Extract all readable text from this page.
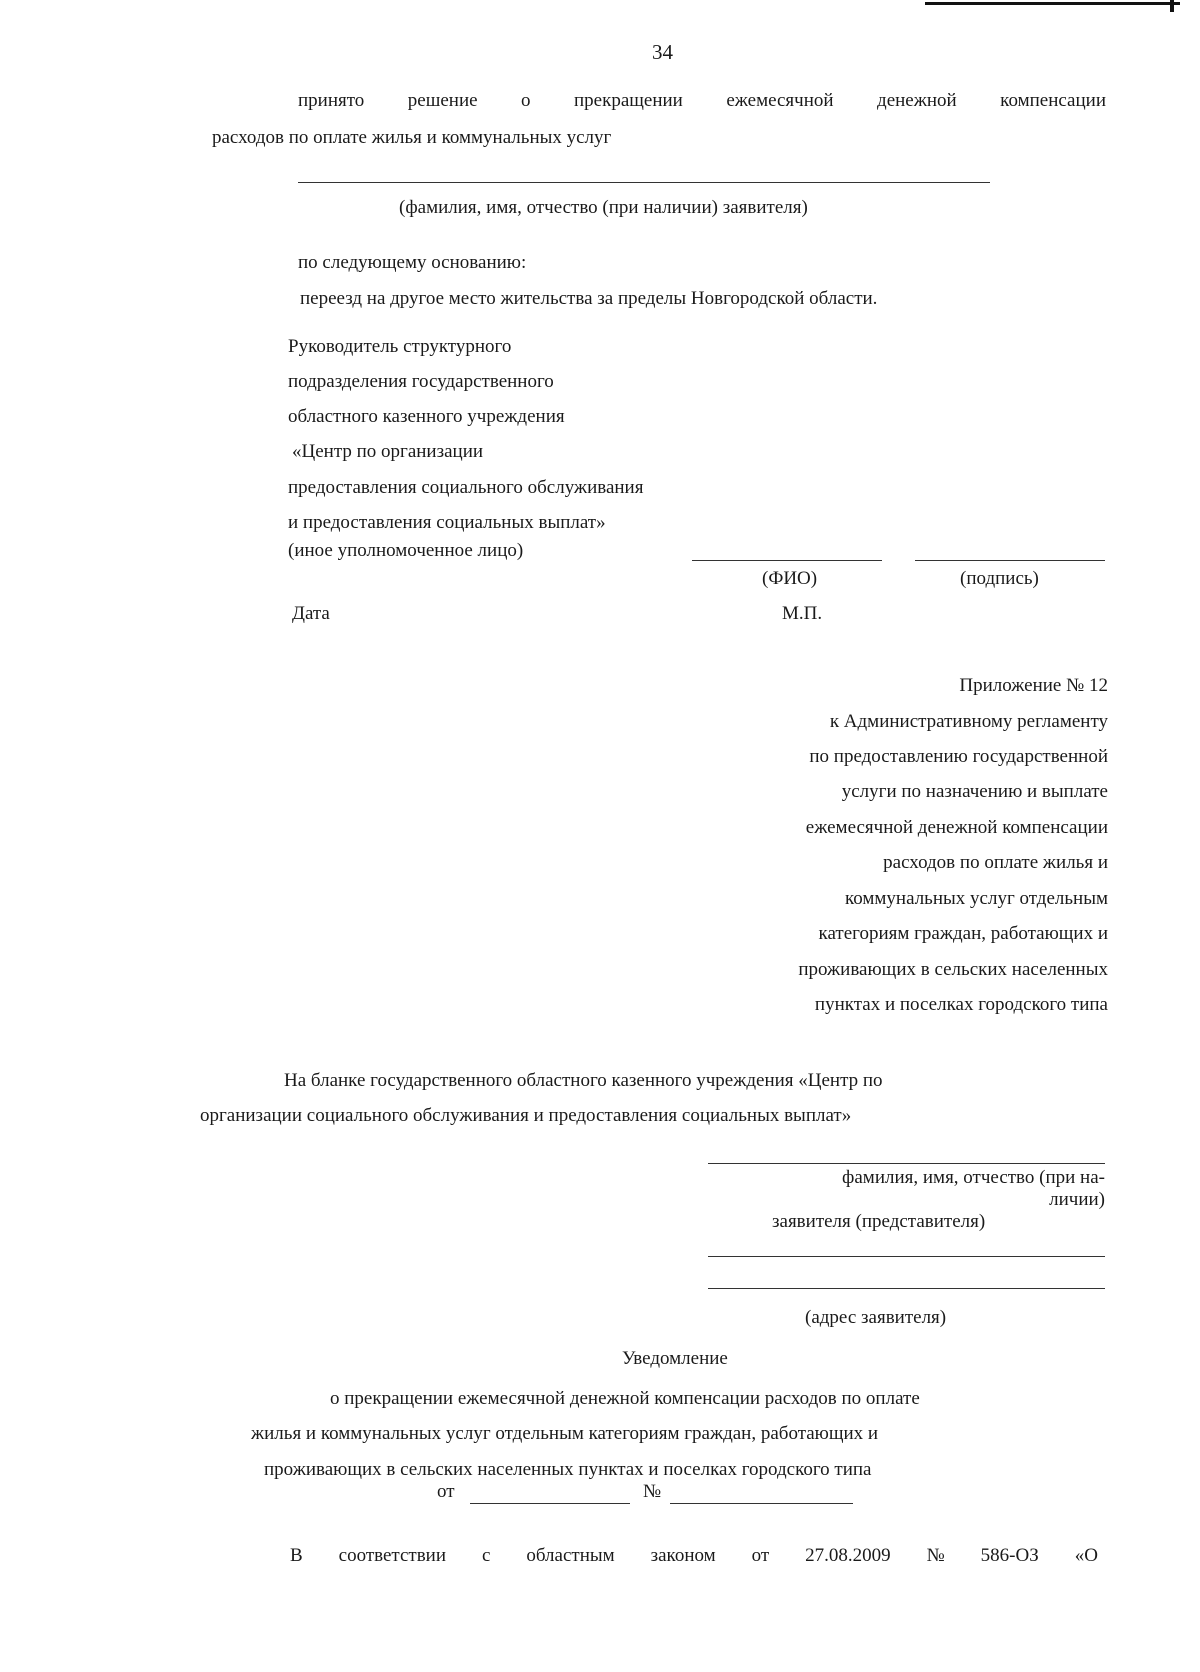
34
принято решение о прекращении ежемесячной денежной компенсации
расходов по оплате жилья и коммунальных услуг
(фамилия, имя, отчество (при наличии) заявителя)
по следующему основанию:
переезд на другое место жительства за пределы Новгородской области.
Руководитель структурного
подразделения государственного
областного казенного учреждения
«Центр по организации
предоставления социального обслуживания
и предоставления социальных выплат»
(иное уполномоченное лицо)
(ФИО)	(подпись)
Дата	М.П.
Приложение № 12
к Административному регламенту
по предоставлению государственной
услуги по назначению и выплате
ежемесячной денежной компенсации
расходов по оплате жилья и
коммунальных услуг отдельным
категориям граждан, работающих и
проживающих в сельских населенных
пунктах и поселках городского типа
На бланке государственного областного казенного учреждения «Центр по
организации социального обслуживания и предоставления социальных выплат»
фамилия, имя, отчество (при на-
личии)
заявителя (представителя)
(адрес заявителя)
Уведомление
о прекращении ежемесячной денежной компенсации расходов по оплате
жилья и коммунальных услуг отдельным категориям граждан, работающих и
проживающих в сельских населенных пунктах и поселках городского типа
от	№
В соответствии с областным законом от 27.08.2009 № 586-ОЗ «О
